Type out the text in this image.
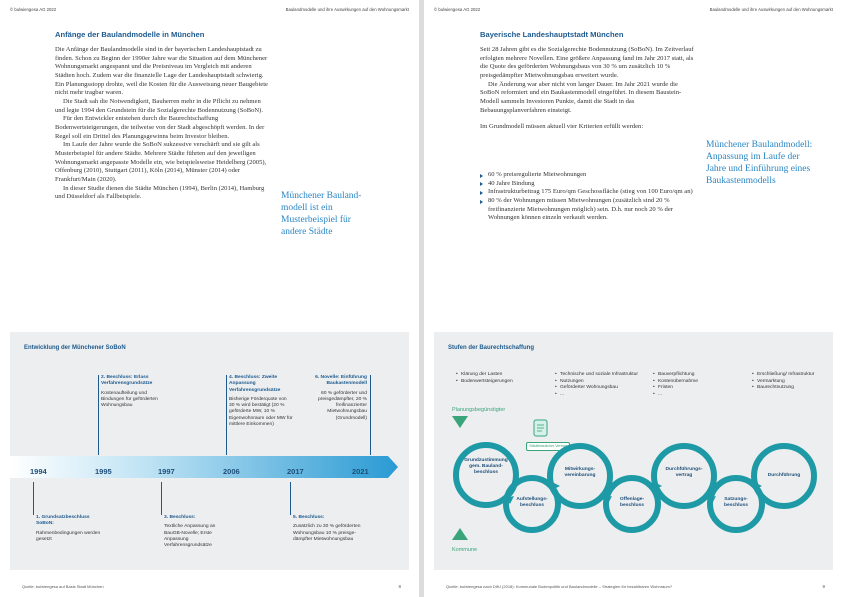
© bulwiengesa AG 2022	Baulandmodelle und ihre Auswirkungen auf den Wohnungsmarkt
Anfänge der Baulandmodelle in München

Die Anfänge der Baulandmodelle sind in der bayerischen Landeshauptstadt zu finden. Schon zu Beginn der 1990er Jahre war die Situation auf dem Münchener Wohnungsmarkt angespannt und die Preisniveau im Vergleich mit anderen Städten hoch. Zudem war die finanzielle Lage der Landeshauptstadt schwierig. Ein Planungsstopp drohte, weil die Kosten für die Ausweisung neuer Baugebiete nicht mehr tragbar waren.

Die Stadt sah die Notwendigkeit, Bauherren mehr in die Pflicht zu nehmen und legte 1994 den Grundstein für die Sozialgerechte Bodennutzung (SoBoN).

Für den Entwickler entstehen durch die Baurechtschaffung Bodenwertsteigerungen, die teilweise von der Stadt abgeschöpft werden. In der Regel soll ein Drittel des Planungsgewinns beim Investor bleiben.

Im Laufe der Jahre wurde die SoBoN sukzessive verschärft und sie gilt als Musterbeispiel für andere Städte. Mehrere Städte führten auf den jeweiligen Wohnungsmarkt angepasste Modelle ein, wie beispielsweise Heidelberg (2005), Offenburg (2010), Stuttgart (2011), Köln (2014), Münster (2014) oder Frankfurt/Main (2020).

In dieser Studie dienen die Städte München (1994), Berlin (2014), Hamburg und Düsseldorf als Fallbeispiele.	Münchener Baulandmodell ist ein Musterbeispiel für andere Städte
Entwicklung der Münchener SoBoN
1994	1995	1997	2006	2017	2021
2. Beschluss: Erlass Verfahrensgrundsätze
Kostenaufteilung und Bindungen für geförderten Wohnungsbau
4. Beschluss: Zweite Anpassung Verfahrensgrundsätze
Bisherige Förderquote von 30 % wird bestätigt (20 % geförderte MW, 10 % Eigenwohnraum oder MW für mittlere Einkommen)
6. Novelle: Einführung Baukastenmodell
60 % geförderter und preisgedämpfter, 20 % freifinanzierter Mietwohnungsbau (Grundmodell)
1. Grundsatzbeschluss SoBoN:
Rahmenbedingungen werden gesetzt
3. Beschluss:
Textliche Anpassung an BauGB-Novelle; Erste Anpassung Verfahrensgrundsätze
5. Beschluss:
Zusätzlich zu 30 % geförderten Wohnungsbau 10 % preisgedämpfter Mietwohnungsbau
Quelle: bulwiengesa auf Basis Stadt München	8
© bulwiengesa AG 2022	Baulandmodelle und ihre Auswirkungen auf den Wohnungsmarkt
Bayerische Landeshauptstadt München

Seit 28 Jahren gibt es die Sozialgerechte Bodennutzung (SoBoN). Im Zeitverlauf erfolgten mehrere Novellen. Eine größere Anpassung fand im Jahr 2017 statt, als die Quote des geförderten Wohnungsbaus von 30 % um zusätzlich 10 % preisgedämpfter Mietwohnungsbau erweitert wurde.

Die Änderung war aber nicht von langer Dauer. Im Jahr 2021 wurde die SoBoN reformiert und ein Baukastenmodell eingeführt. In diesem Baustein-Modell sammeln Investoren Punkte, damit die Stadt in das Bebauungsplanverfahren einsteigt.

Im Grundmodell müssen aktuell vier Kriterien erfüllt werden:

60 % preisregulierte Mietwohnungen
40 Jahre Bindung
Infrastrukturbeitrag 175 Euro/qm Geschossfläche (stieg von 100 Euro/qm an)
80 % der Wohnungen müssen Mietwohnungen (zusätzlich sind 20 % freifinanzierte Mietwohnungen möglich) sein. D.h. nur noch 20 % der Wohnungen können einzeln verkauft werden.
Münchener Baulandmodell: Anpassung im Laufe der Jahre und Einführung eines Baukastenmodells
Stufen der Baurechtschaffung
• Klärung der Lasten
• Bodenwertsteigerungen
• Technische und soziale Infrastruktur
• Nutzungen
• Geförderter Wohnungsbau
• ...
• Bauverpflichtung
• Kostenübernahme
• Fristen
• ...
• Erschließung/ Infrastruktur
• Vermarktung
• Baurechtnutzung
Planungsbegünstigter
Kommune
Städtebaulicher Vertrag
Grundzustimmung gem. Baulandbeschluss
Aufstellungsbeschluss
Mitwirkungsvereinbarung
Offenlagebeschluss
Durchführungsvertrag
Satzungsbeschluss
Durchführung
Quelle: bulwiengesa nach DIfU (2018): Kommunale Bodenpolitik und Baulandmodelle – Strategien für bezahlbaren Wohnraum?	9
